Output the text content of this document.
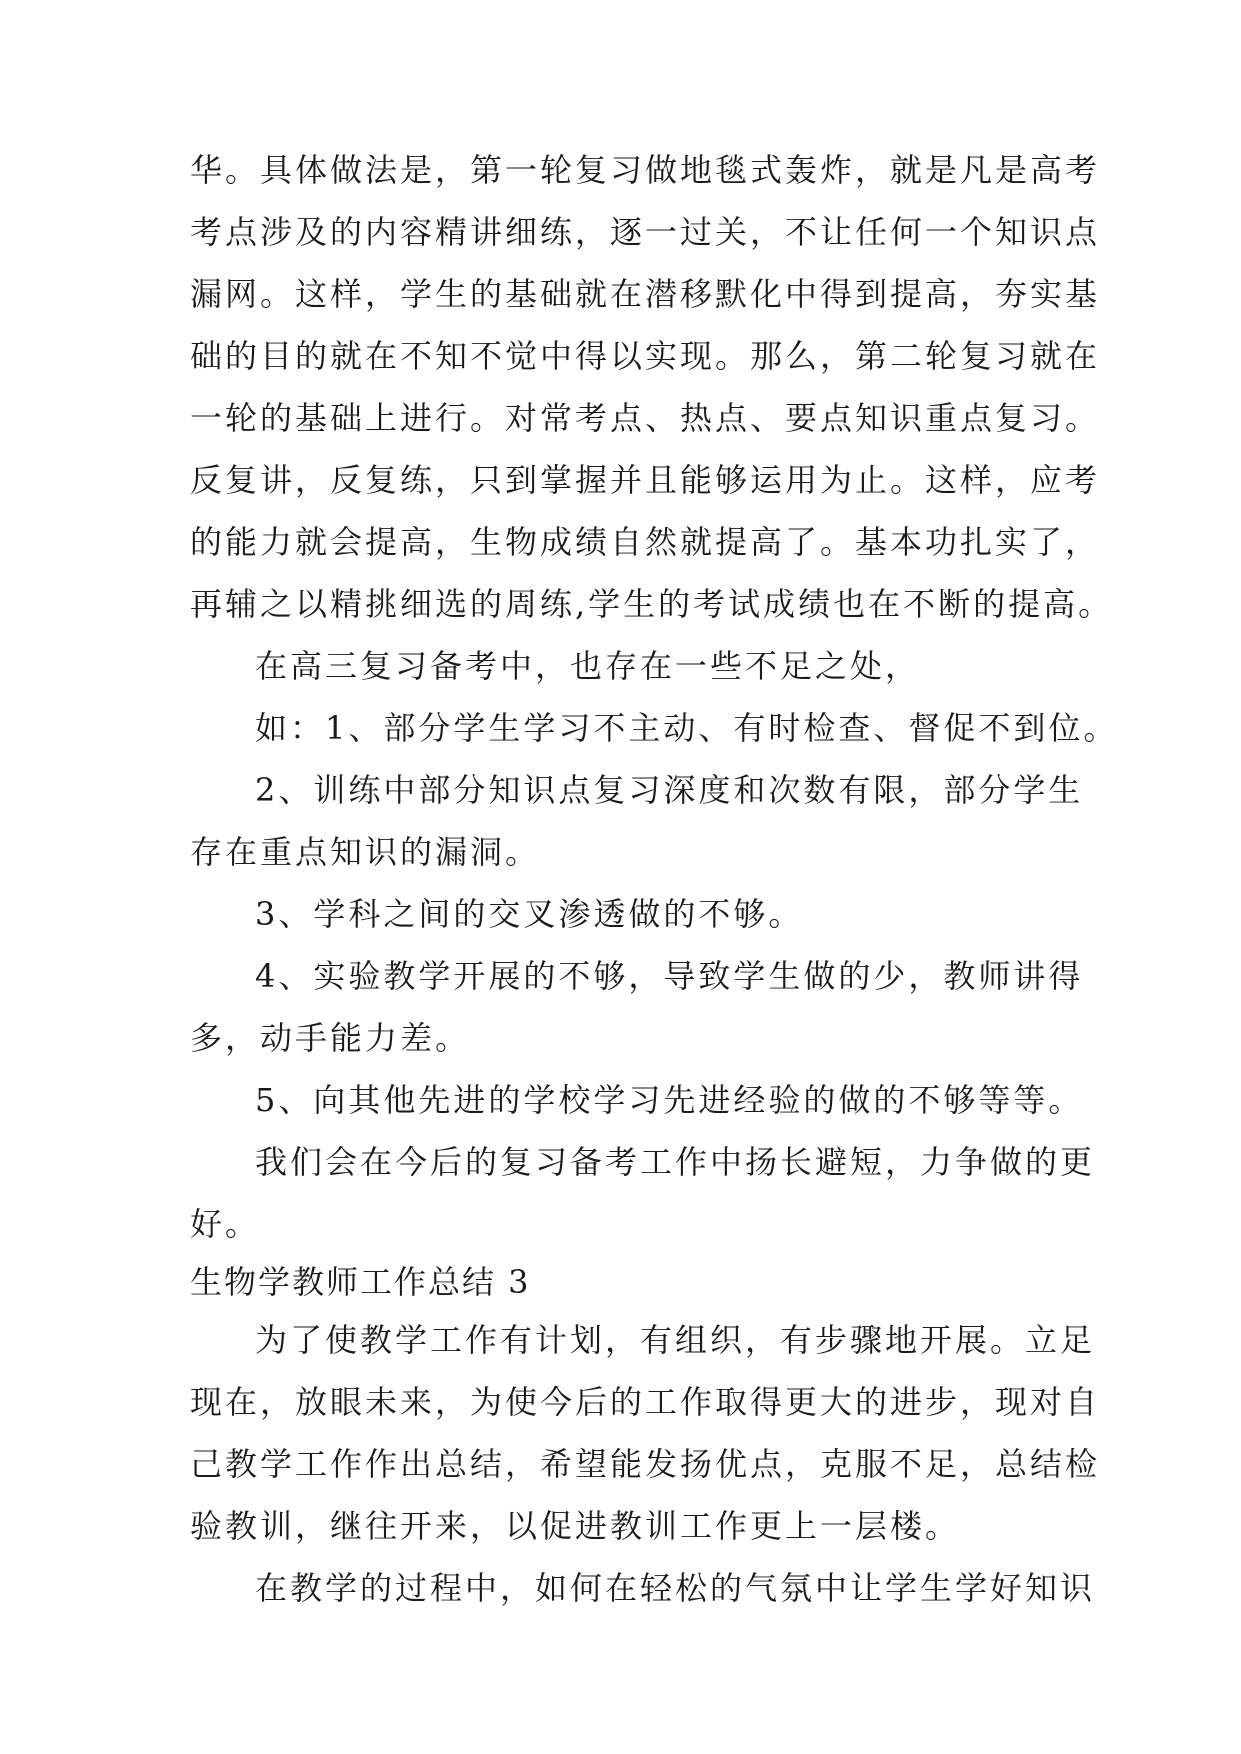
华。具体做法是，第一轮复习做地毯式轰炸，就是凡是高考
考点涉及的内容精讲细练，逐一过关，不让任何一个知识点
漏网。这样，学生的基础就在潜移默化中得到提高，夯实基
础的目的就在不知不觉中得以实现。那么，第二轮复习就在
一轮的基础上进行。对常考点、热点、要点知识重点复习。
反复讲，反复练，只到掌握并且能够运用为止。这样，应考
的能力就会提高，生物成绩自然就提高了。基本功扎实了，
再辅之以精挑细选的周练,学生的考试成绩也在不断的提高。
在高三复习备考中，也存在一些不足之处，
如：1、部分学生学习不主动、有时检查、督促不到位。
2、训练中部分知识点复习深度和次数有限，部分学生
存在重点知识的漏洞。
3、学科之间的交叉渗透做的不够。
4、实验教学开展的不够，导致学生做的少，教师讲得
多，动手能力差。
5、向其他先进的学校学习先进经验的做的不够等等。
我们会在今后的复习备考工作中扬长避短，力争做的更
好。
生物学教师工作总结 3
为了使教学工作有计划，有组织，有步骤地开展。立足
现在，放眼未来，为使今后的工作取得更大的进步，现对自
己教学工作作出总结，希望能发扬优点，克服不足，总结检
验教训，继往开来，以促进教训工作更上一层楼。
在教学的过程中，如何在轻松的气氛中让学生学好知识
